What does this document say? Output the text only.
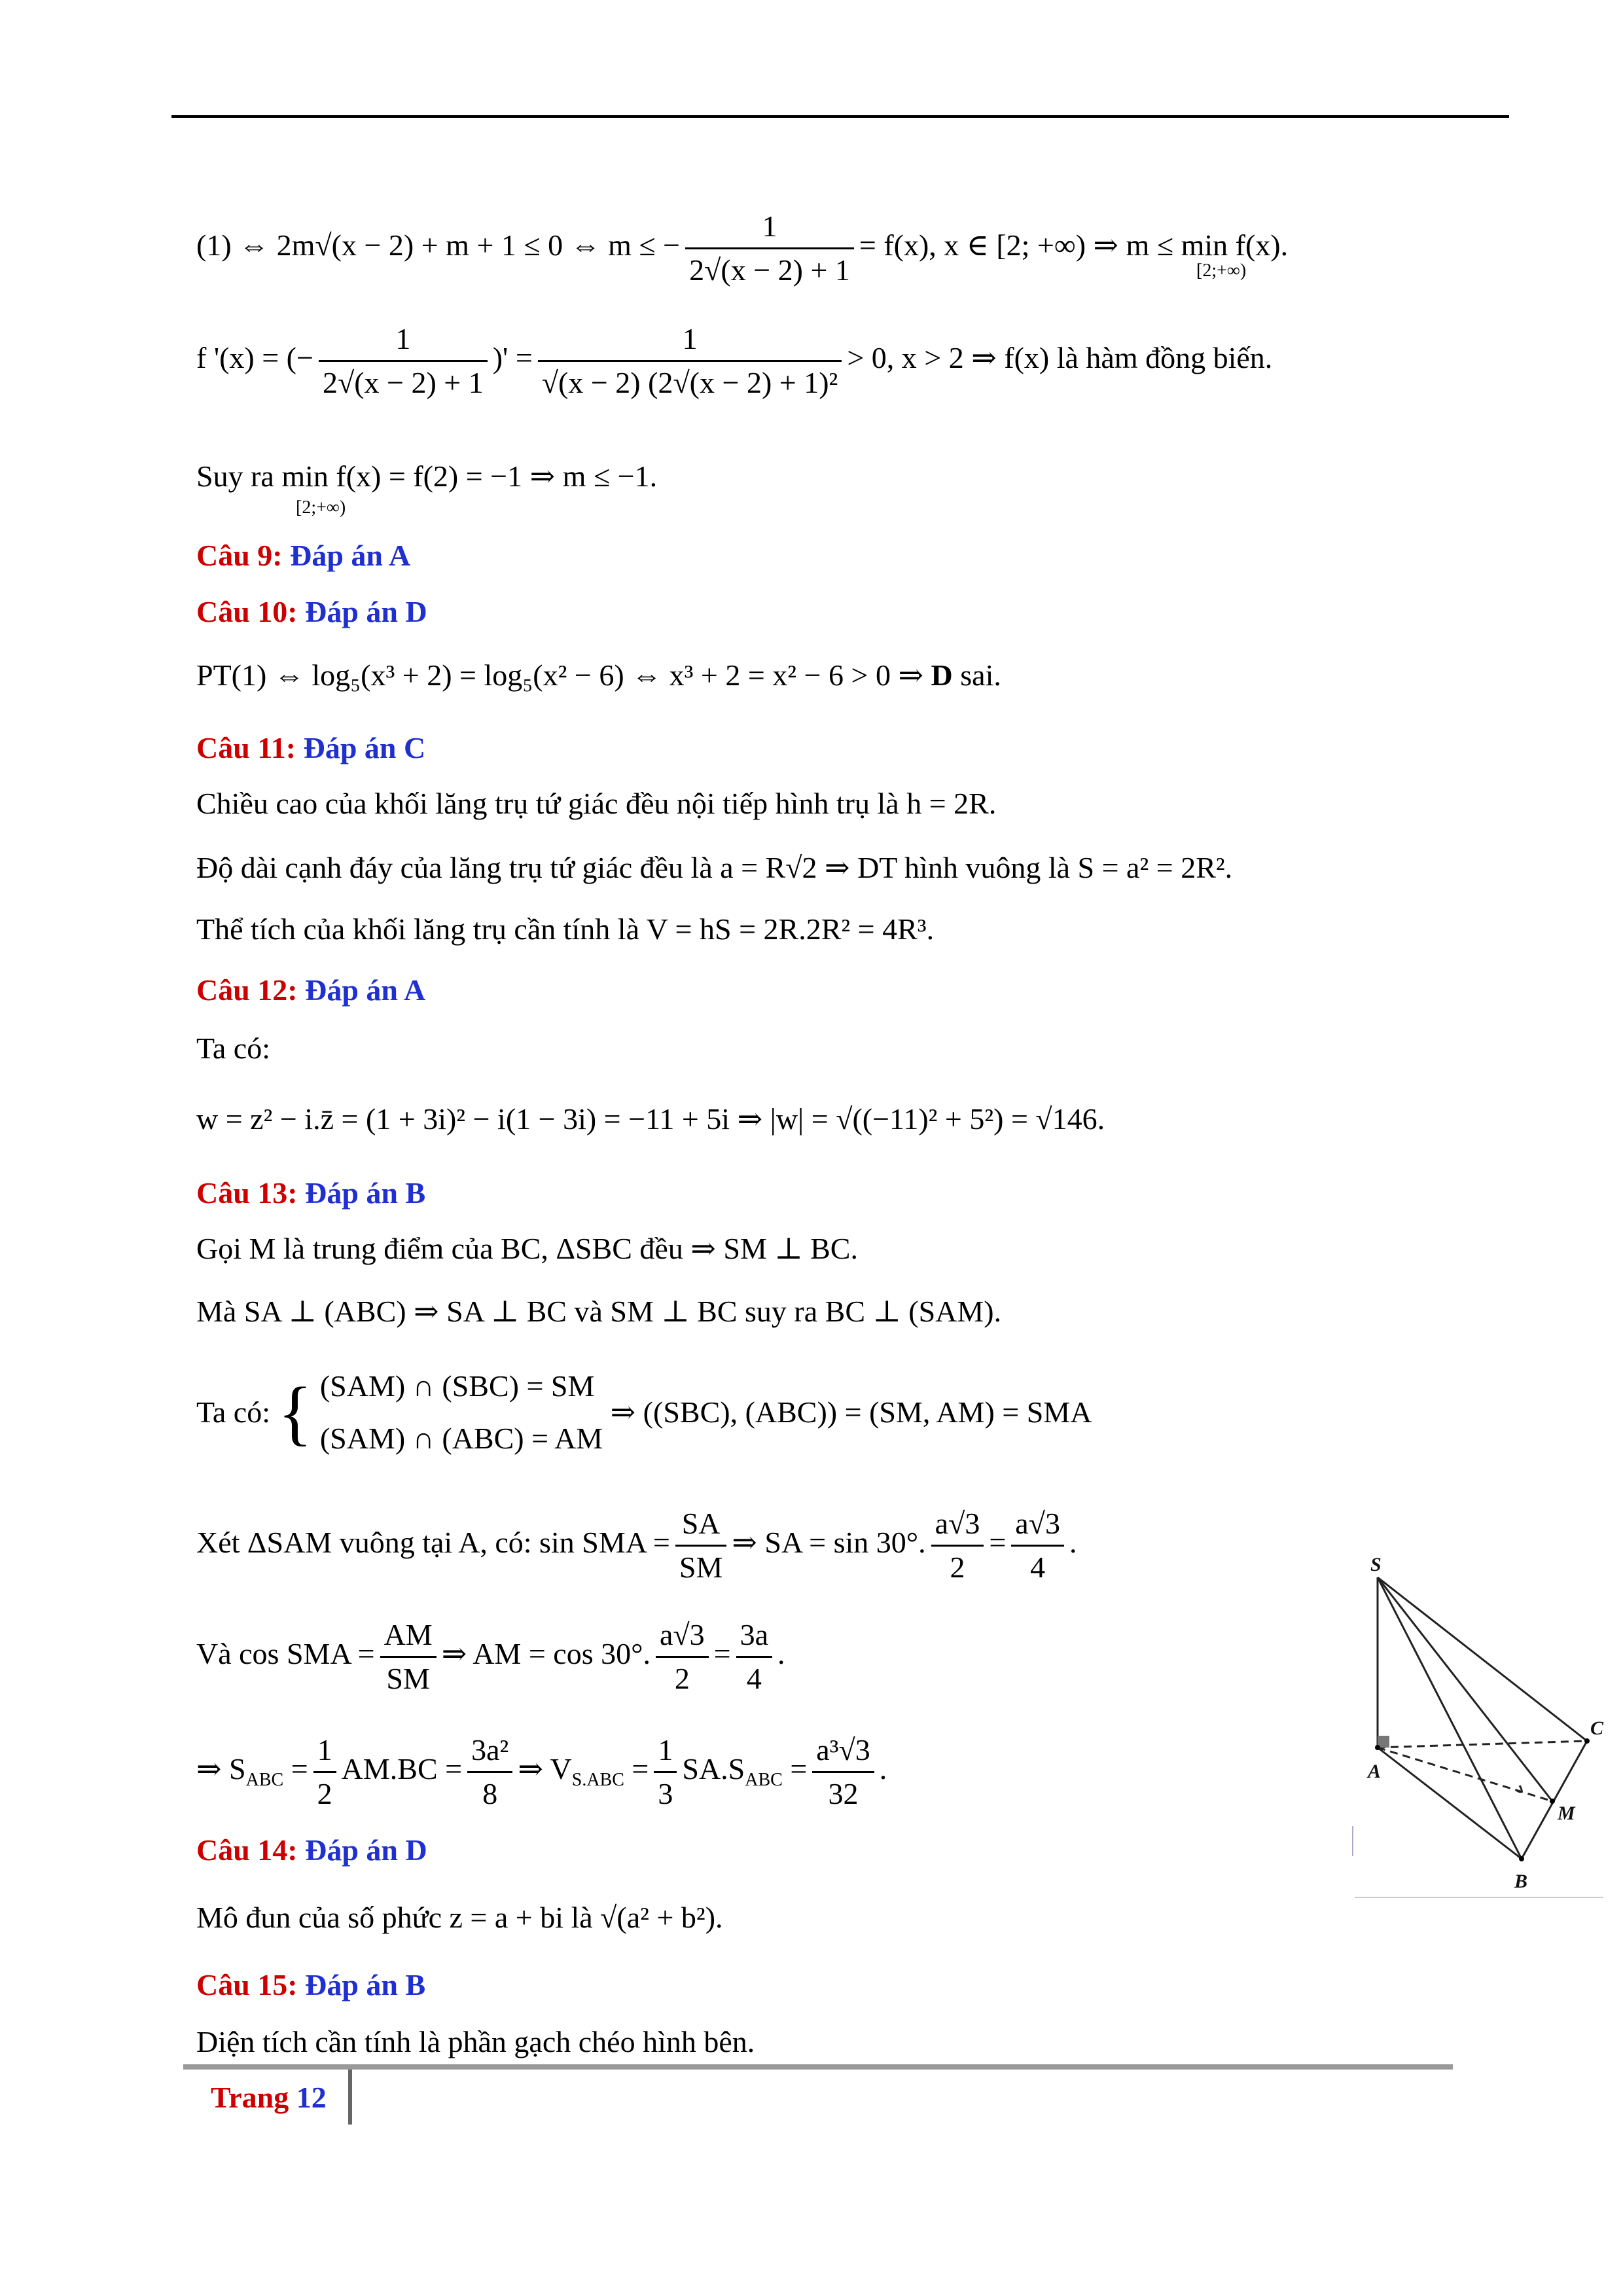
(1) ⇔ 2m√(x − 2) + m + 1 ≤ 0 ⇔ m ≤ − $\frac{1}{2√(x - 2) + 1} = f(x)$, x ∈ [2; +∞) ⇒ m ≤ min f(x).
[2;+∞)
f '(x) = (− $\frac{1}{2√(x - 2) + 1}$ )' = $\frac{1}{\text{√(x − 2) (2√(x − 2) + 1)²}} > 0$, x > 2 ⇒ f(x) là hàm đồng biến.
Suy ra min f(x) = f(2) = −1 ⇒ m ≤ −1.
[2;+∞)
Câu 9: Đáp án A
Câu 10: Đáp án D
PT(1) ⇔ log₅(x³ + 2) = log₅(x² − 6) ⇔ x³ + 2 = x² − 6 > 0 ⇒ D sai.
Câu 11: Đáp án C
Chiều cao của khối lăng trụ tứ giác đều nội tiếp hình trụ là h = 2R.
Độ dài cạnh đáy của lăng trụ tứ giác đều là a = R√2 ⇒ DT hình vuông là S = a² = 2R².
Thể tích của khối lăng trụ cần tính là V = hS = 2R.2R² = 4R³.
Câu 12: Đáp án A
Ta có:
w = z² − i.z̄ = (1 + 3i)² − i(1 − 3i) = −11 + 5i ⇒ |w| = √((−11)² + 5²) = √146.
Câu 13: Đáp án B
Gọi M là trung điểm của BC, ΔSBC đều ⇒ SM ⊥ BC.
Mà SA ⊥ (ABC) ⇒ SA ⊥ BC và SM ⊥ BC suy ra BC ⊥ (SAM).
Ta có: { (SAM) ∩ (SBC) = SM
(SAM) ∩ (ABC) = AM
⇒ ((SBC), (ABC)) = (SM, AM) = SMA
Xét ΔSAM vuông tại A, có: sin SMA = $\frac{SA}{SM}$ ⇒ SA = sin 30°. $\frac{a√3}{2} = \frac{a√3}{4}$ .
Và cos SMA = $\frac{AM}{SM}$ ⇒ AM = cos 30°. $\frac{a√3}{2} = \frac{3a}{4}$ .
⇒ $S_{ABC} = \frac{1}{2} AM.BC = \frac{\text{3a²}}{8}$ ⇒ $V_{S.ABC} = \frac{1}{3} SA.S_{ABC} = \frac{\text{a³√3}}{32}$ .
Câu 14: Đáp án D
Mô đun của số phức z = a + bi là √(a² + b²).
Câu 15: Đáp án B
Diện tích cần tính là phần gạch chéo hình bên.
S
A
B
C
M
Trang 12
